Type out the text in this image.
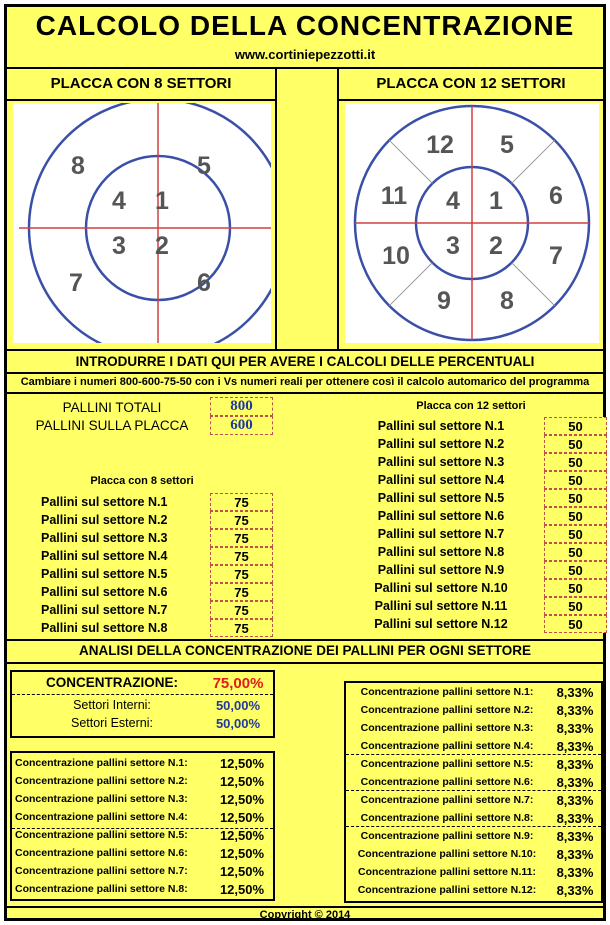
CALCOLO DELLA CONCENTRAZIONE
www.cortiniepezzotti.it
PLACCA CON 8 SETTORI	PLACCA CON 12 SETTORI
1
2
3
4
5
6
7
8
1
2
3
4
5
6
7
8
9
10
11
12
INTRODURRE I DATI QUI PER AVERE I CALCOLI DELLE PERCENTUALI
Cambiare i numeri 800-600-75-50 con i Vs numeri reali per ottenere così il calcolo automarico del programma
PALLINI TOTALI	800
PALLINI SULLA PLACCA	600
Placca con 8 settori
Pallini sul settore N.1	75
Pallini sul settore N.2	75
Pallini sul settore N.3	75
Pallini sul settore N.4	75
Pallini sul settore N.5	75
Pallini sul settore N.6	75
Pallini sul settore N.7	75
Pallini sul settore N.8	75
Placca con 12 settori
Pallini sul settore N.1	50
Pallini sul settore N.2	50
Pallini sul settore N.3	50
Pallini sul settore N.4	50
Pallini sul settore N.5	50
Pallini sul settore N.6	50
Pallini sul settore N.7	50
Pallini sul settore N.8	50
Pallini sul settore N.9	50
Pallini sul settore N.10	50
Pallini sul settore N.11	50
Pallini sul settore N.12	50
ANALISI DELLA CONCENTRAZIONE DEI PALLINI PER OGNI SETTORE
CONCENTRAZIONE:	75,00%
Settori Interni:	50,00%
Settori Esterni:	50,00%
Concentrazione pallini settore N.1:	12,50%
Concentrazione pallini settore N.2:	12,50%
Concentrazione pallini settore N.3:	12,50%
Concentrazione pallini settore N.4:	12,50%
Concentrazione pallini settore N.5:	12,50%
Concentrazione pallini settore N.6:	12,50%
Concentrazione pallini settore N.7:	12,50%
Concentrazione pallini settore N.8:	12,50%
Concentrazione pallini settore N.1:	8,33%
Concentrazione pallini settore N.2:	8,33%
Concentrazione pallini settore N.3:	8,33%
Concentrazione pallini settore N.4:	8,33%
Concentrazione pallini settore N.5:	8,33%
Concentrazione pallini settore N.6:	8,33%
Concentrazione pallini settore N.7:	8,33%
Concentrazione pallini settore N.8:	8,33%
Concentrazione pallini settore N.9:	8,33%
Concentrazione pallini settore N.10:	8,33%
Concentrazione pallini settore N.11:	8,33%
Concentrazione pallini settore N.12:	8,33%
Copyright © 2014
